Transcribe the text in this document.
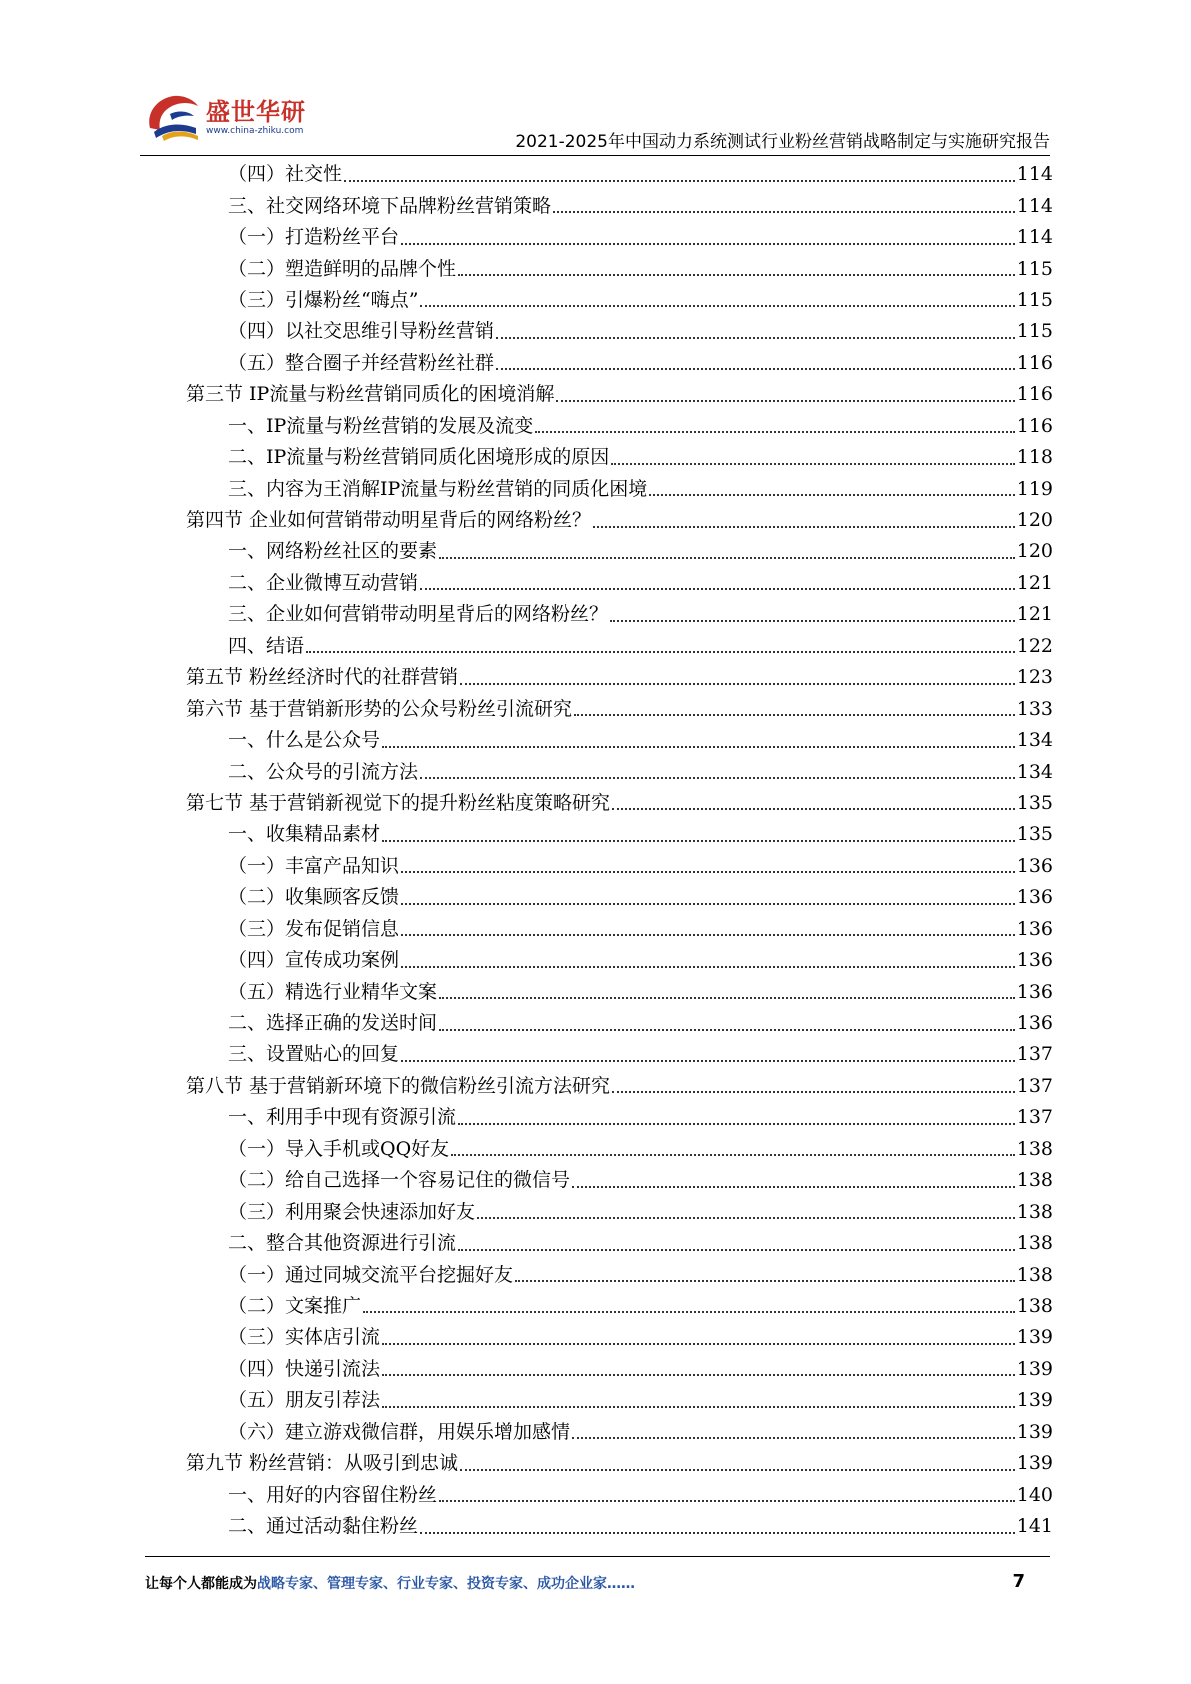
盛世华研
www.china-zhiku.com
2021-2025年中国动力系统测试行业粉丝营销战略制定与实施研究报告
（四）社交性	114
三、社交网络环境下品牌粉丝营销策略	114
（一）打造粉丝平台	114
（二）塑造鲜明的品牌个性	115
（三）引爆粉丝“嗨点”	115
（四）以社交思维引导粉丝营销	115
（五）整合圈子并经营粉丝社群	116
第三节 IP流量与粉丝营销同质化的困境消解	116
一、IP流量与粉丝营销的发展及流变	116
二、IP流量与粉丝营销同质化困境形成的原因	118
三、内容为王消解IP流量与粉丝营销的同质化困境	119
第四节 企业如何营销带动明星背后的网络粉丝？	120
一、网络粉丝社区的要素	120
二、企业微博互动营销	121
三、企业如何营销带动明星背后的网络粉丝？	121
四、结语	122
第五节 粉丝经济时代的社群营销	123
第六节 基于营销新形势的公众号粉丝引流研究	133
一、什么是公众号	134
二、公众号的引流方法	134
第七节 基于营销新视觉下的提升粉丝粘度策略研究	135
一、收集精品素材	135
（一）丰富产品知识	136
（二）收集顾客反馈	136
（三）发布促销信息	136
（四）宣传成功案例	136
（五）精选行业精华文案	136
二、选择正确的发送时间	136
三、设置贴心的回复	137
第八节 基于营销新环境下的微信粉丝引流方法研究	137
一、利用手中现有资源引流	137
（一）导入手机或QQ好友	138
（二）给自己选择一个容易记住的微信号	138
（三）利用聚会快速添加好友	138
二、整合其他资源进行引流	138
（一）通过同城交流平台挖掘好友	138
（二）文案推广	138
（三）实体店引流	139
（四）快递引流法	139
（五）朋友引荐法	139
（六）建立游戏微信群，用娱乐增加感情	139
第九节 粉丝营销：从吸引到忠诚	139
一、用好的内容留住粉丝	140
二、通过活动黏住粉丝	141
让每个人都能成为战略专家、管理专家、行业专家、投资专家、成功企业家……	7
